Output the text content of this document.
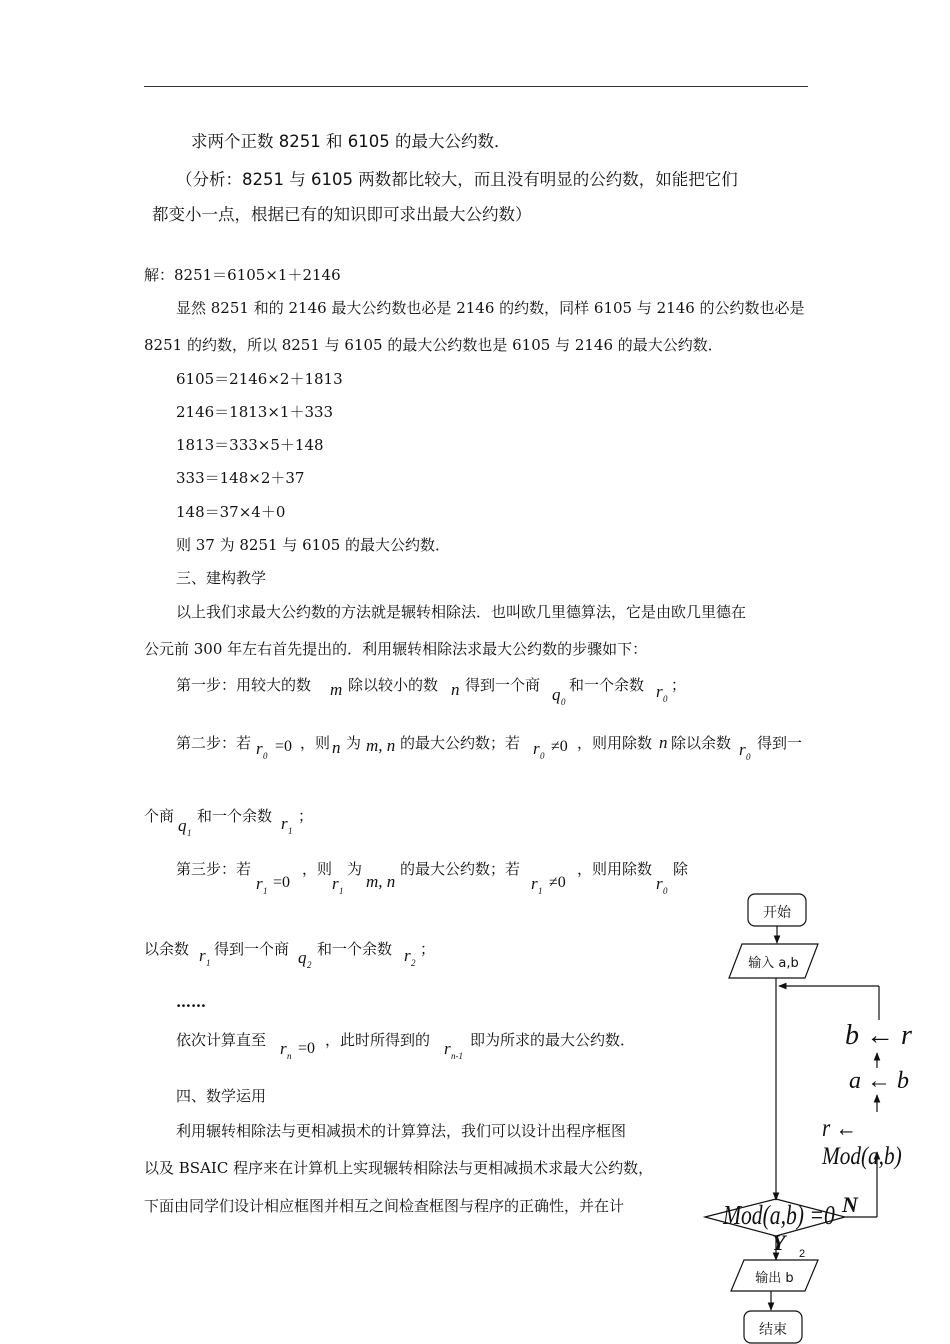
求两个正数 8251 和 6105 的最大公约数．
（分析：8251 与 6105 两数都比较大，而且没有明显的公约数，如能把它们
都变小一点，根据已有的知识即可求出最大公约数）
解：8251＝6105×1＋2146
显然 8251 和的 2146 最大公约数也必是 2146 的约数，同样 6105 与 2146 的公约数也必是
8251 的约数，所以 8251 与 6105 的最大公约数也是 6105 与 2146 的最大公约数．
6105＝2146×2＋1813
2146＝1813×1＋333
1813＝333×5＋148
333＝148×2＋37
148＝37×4＋0
则 37 为 8251 与 6105 的最大公约数．
三、建构教学
以上我们求最大公约数的方法就是辗转相除法．也叫欧几里德算法，它是由欧几里德在
公元前 300 年左右首先提出的．利用辗转相除法求最大公约数的步骤如下：
第一步：用较大的数 m 除以较小的数 n 得到一个商 q 0
和一个余数 r 0
；
第二步：若 r 0
=0 ，则 n 为 m, n 的最大公约数；若 r 0
≠0 ，则用除数 n 除以余数 r 0
得到一
个商 q 1
和一个余数 r 1
；
第三步：若
r 1 =0
，则
r 1
为
m, n
的最大公约数；若
r 1 ≠0
，则用除数
r 0
除
以余数 r 1
得到一个商 q 2
和一个余数 r 2
；
……
依次计算直至 r n =0 ，此时所得到的 r n-1
即为所求的最大公约数．
四、数学运用
利用辗转相除法与更相减损术的计算算法，我们可以设计出程序框图
以及 BSAIC 程序来在计算机上实现辗转相除法与更相减损术求最大公约数，
下面由同学们设计相应框图并相互之间检查框图与程序的正确性，并在计
开始
输入 a,b
b ← r
a ← b
r ← Mod(a,b)
Mod(a,b) =0 N
Y 2
输出 b
结束
